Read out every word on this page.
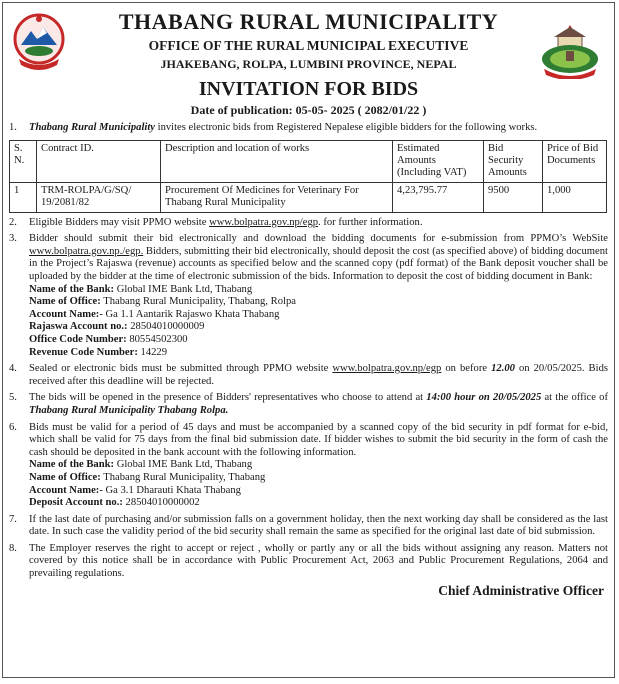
THABANG RURAL MUNICIPALITY
OFFICE OF THE RURAL MUNICIPAL EXECUTIVE
JHAKEBANG, ROLPA, LUMBINI PROVINCE, NEPAL
INVITATION FOR BIDS
Date of publication: 05-05- 2025 ( 2082/01/22 )
1.	Thabang Rural Municipality invites electronic bids from Registered Nepalese eligible bidders for the following works.
S. N.	Contract ID.	Description and location of works	Estimated Amounts (Including VAT)	Bid Security Amounts	Price of Bid Documents
1	TRM-ROLPA/G/SQ/ 19/2081/82	Procurement Of Medicines for Veterinary For Thabang Rural Municipality	4,23,795.77	9500	1,000
2.	Eligible Bidders may visit PPMO website www.bolpatra.gov.np/egp. for further information.
3.	Bidder should submit their bid electronically and download the bidding documents for e-submission from PPMO’s WebSite www.bolpatra.gov.np./egp. Bidders, submitting their bid electronically, should deposit the cost (as specified above) of bidding document in the Project’s Rajaswa (revenue) accounts as specified below and the scanned copy (pdf format) of the Bank deposit voucher shall be uploaded by the bidder at the time of electronic submission of the bids. Information to deposit the cost of bidding document in Bank:
Name of the Bank: Global IME Bank Ltd, Thabang
Name of Office: Thabang Rural Municipality, Thabang, Rolpa
Account Name:- Ga 1.1 Aantarik Rajaswo Khata Thabang
Rajaswa Account no.: 28504010000009
Office Code Number: 80554502300
Revenue Code Number: 14229
4.	Sealed or electronic bids must be submitted through PPMO website www.bolpatra.gov.np/egp on before 12.00 on 20/05/2025. Bids received after this deadline will be rejected.
5.	The bids will be opened in the presence of Bidders' representatives who choose to attend at 14:00 hour on 20/05/2025 at the office of Thabang Rural Municipality Thabang Rolpa.
6.	Bids must be valid for a period of 45 days and must be accompanied by a scanned copy of the bid security in pdf format for e-bid, which shall be valid for 75 days from the final bid submission date. If bidder wishes to submit the bid security in the form of cash the cash should be deposited in the bank account with the following information.
Name of the Bank: Global IME Bank Ltd, Thabang
Name of Office: Thabang Rural Municipality, Thabang
Account Name:- Ga 3.1 Dharauti Khata Thabang
Deposit Account no.: 28504010000002
7.	If the last date of purchasing and/or submission falls on a government holiday, then the next working day shall be considered as the last date. In such case the validity period of the bid security shall remain the same as specified for the original last date of bid submission.
8.	The Employer reserves the right to accept or reject , wholly or partly any or all the bids without assigning any reason. Matters not covered by this notice shall be in accordance with Public Procurement Act, 2063 and Public Procurement Regulations, 2064 and prevailing regulations.
Chief Administrative Officer
